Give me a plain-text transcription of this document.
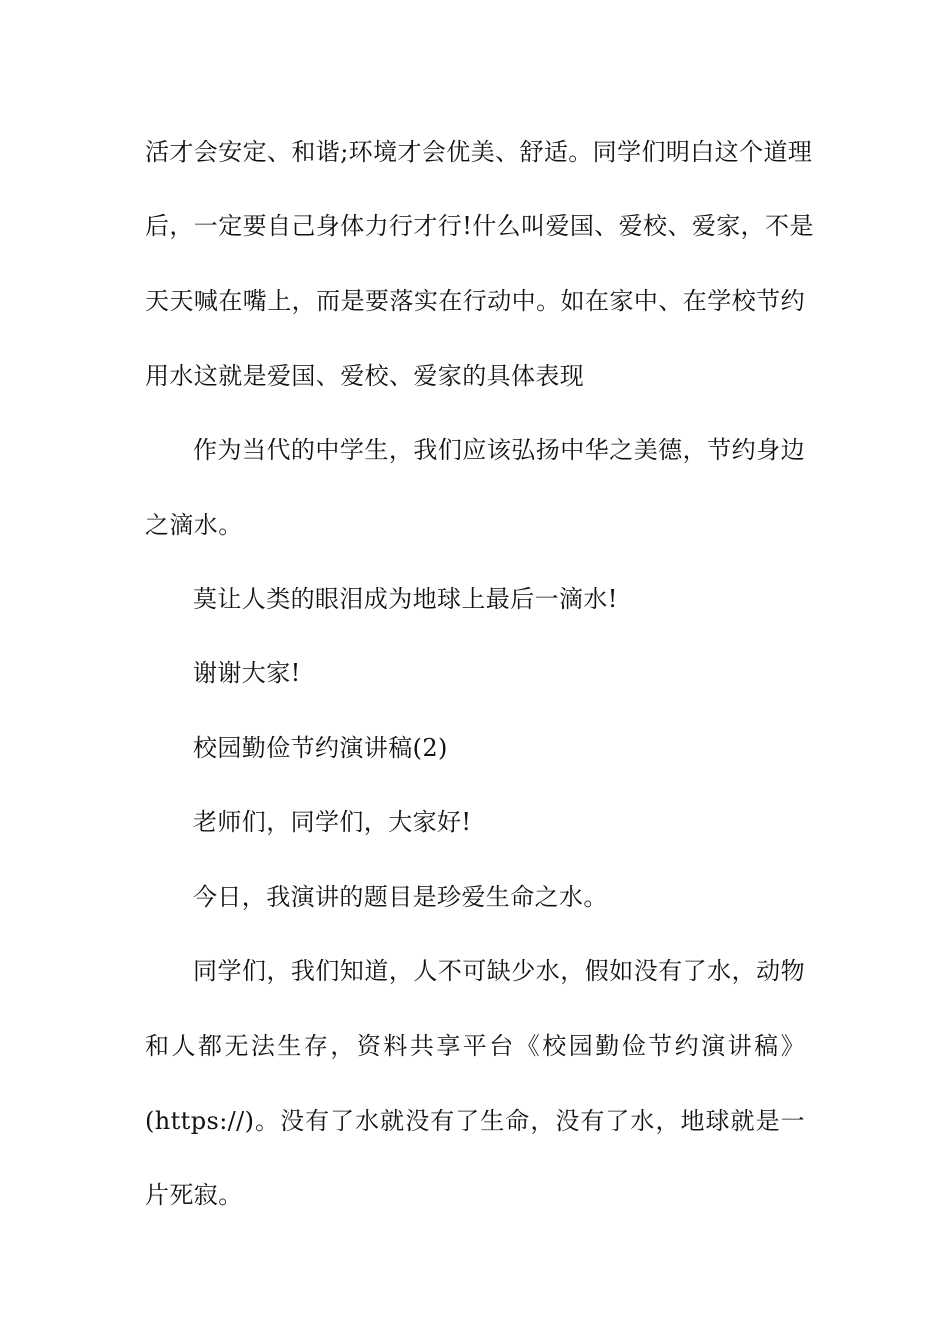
活才会安定、和谐;环境才会优美、舒适。同学们明白这个道理
后，一定要自己身体力行才行!什么叫爱国、爱校、爱家，不是
天天喊在嘴上，而是要落实在行动中。如在家中、在学校节约
用水这就是爱国、爱校、爱家的具体表现
作为当代的中学生，我们应该弘扬中华之美德，节约身边
之滴水。
莫让人类的眼泪成为地球上最后一滴水!
谢谢大家!
校园勤俭节约演讲稿(2)
老师们，同学们，大家好!
今日，我演讲的题目是珍爱生命之水。
同学们，我们知道，人不可缺少水，假如没有了水，动物
和人都无法生存，资料共享平台《校园勤俭节约演讲稿》
(https://)。没有了水就没有了生命，没有了水，地球就是一
片死寂。
